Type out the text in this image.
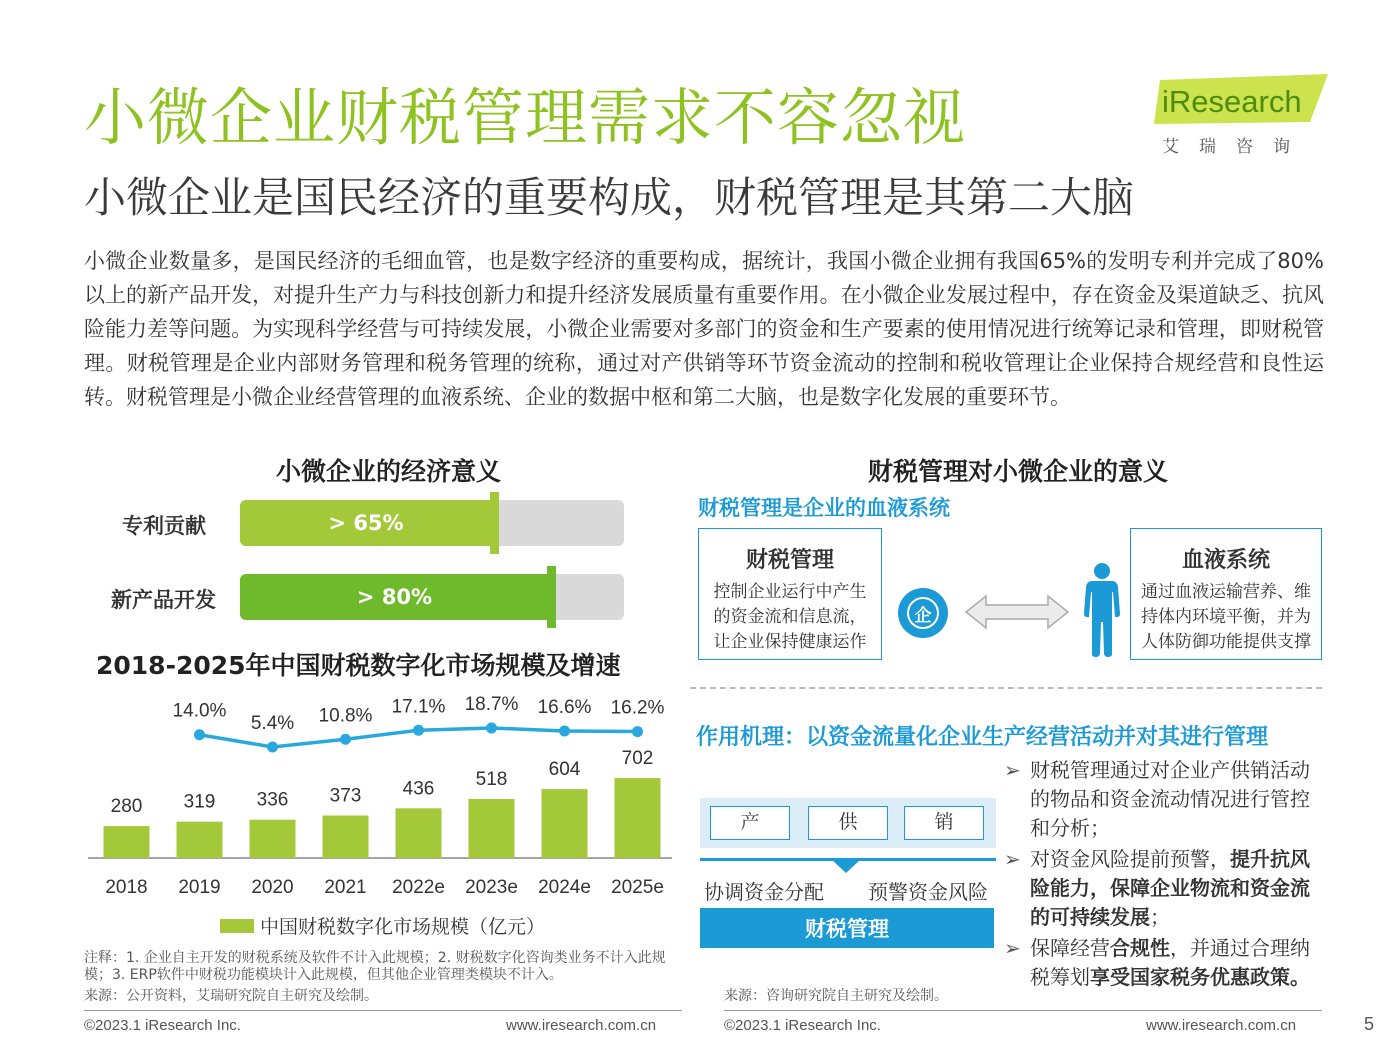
小微企业财税管理需求不容忽视
小微企业是国民经济的重要构成，财税管理是其第二大脑
iResearch
艾瑞咨询
小微企业数量多，是国民经济的毛细血管，也是数字经济的重要构成，据统计，我国小微企业拥有我国65%的发明专利并完成了80%以上的新产品开发，对提升生产力与科技创新力和提升经济发展质量有重要作用。在小微企业发展过程中，存在资金及渠道缺乏、抗风险能力差等问题。为实现科学经营与可持续发展，小微企业需要对多部门的资金和生产要素的使用情况进行统筹记录和管理，即财税管理。财税管理是企业内部财务管理和税务管理的统称，通过对产供销等环节资金流动的控制和税收管理让企业保持合规经营和良性运转。财税管理是小微企业经营管理的血液系统、企业的数据中枢和第二大脑，也是数字化发展的重要环节。
小微企业的经济意义
专利贡献	> 65%
新产品开发	> 80%
2018-2025年中国财税数字化市场规模及增速
280
2018
319
2019
336
2020
373
2021
436
2022e
518
2023e
604
2024e
702
2025e
14.0%
5.4% 10.8% 17.1% 18.7% 16.6% 16.2%
中国财税数字化市场规模（亿元）
注释：1. 企业自主开发的财税系统及软件不计入此规模；2. 财税数字化咨询类业务不计入此规模；3. ERP软件中财税功能模块计入此规模，但其他企业管理类模块不计入。
来源：公开资料，艾瑞研究院自主研究及绘制。
财税管理对小微企业的意义
财税管理是企业的血液系统
财税管理
控制企业运行中产生的资金流和信息流，让企业保持健康运作
企
血液系统
通过血液运输营养、维持体内环境平衡，并为人体防御功能提供支撑
作用机理：以资金流量化企业生产经营活动并对其进行管理
产	供	销
协调资金分配 预警资金风险
财税管理
➢ 财税管理通过对企业产供销活动的物品和资金流动情况进行管控和分析；
➢ 对资金风险提前预警，提升抗风险能力，保障企业物流和资金流的可持续发展；
➢ 保障经营合规性，并通过合理纳税筹划享受国家税务优惠政策。
来源：咨询研究院自主研究及绘制。
©2023.1 iResearch Inc.	www.iresearch.com.cn	©2023.1 iResearch Inc.	www.iresearch.com.cn	5
